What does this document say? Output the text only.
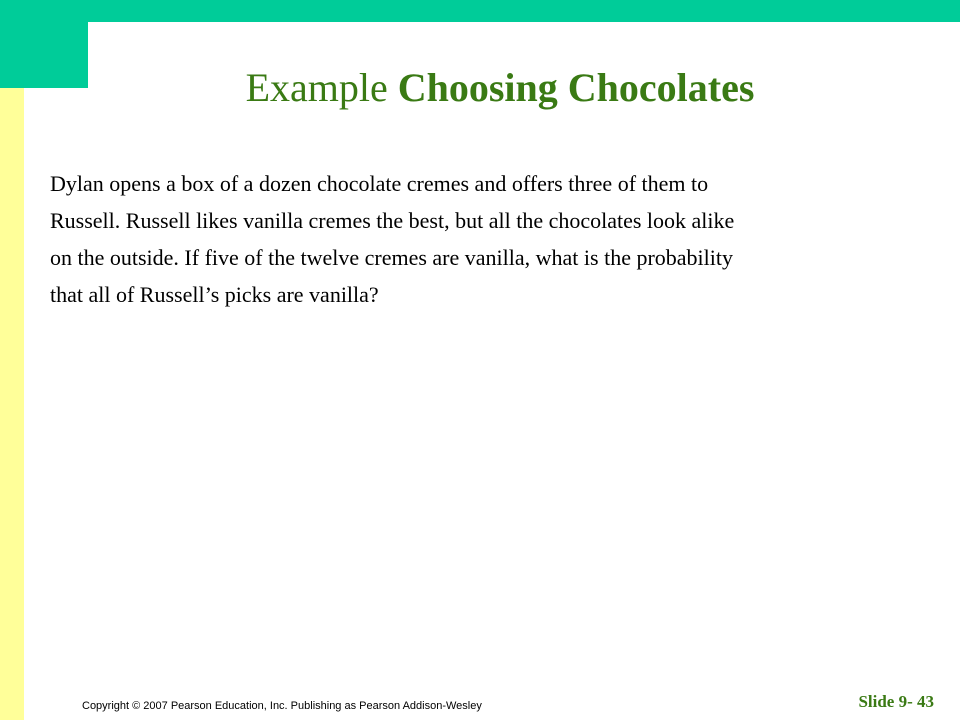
Example Choosing Chocolates
Dylan opens a box of a dozen chocolate cremes and offers three of them to
Russell. Russell likes vanilla cremes the best, but all the chocolates look alike
on the outside. If five of the twelve cremes are vanilla, what is the probability
that all of Russell’s picks are vanilla?
Copyright © 2007 Pearson Education, Inc. Publishing as Pearson Addison-Wesley	Slide 9- 43
